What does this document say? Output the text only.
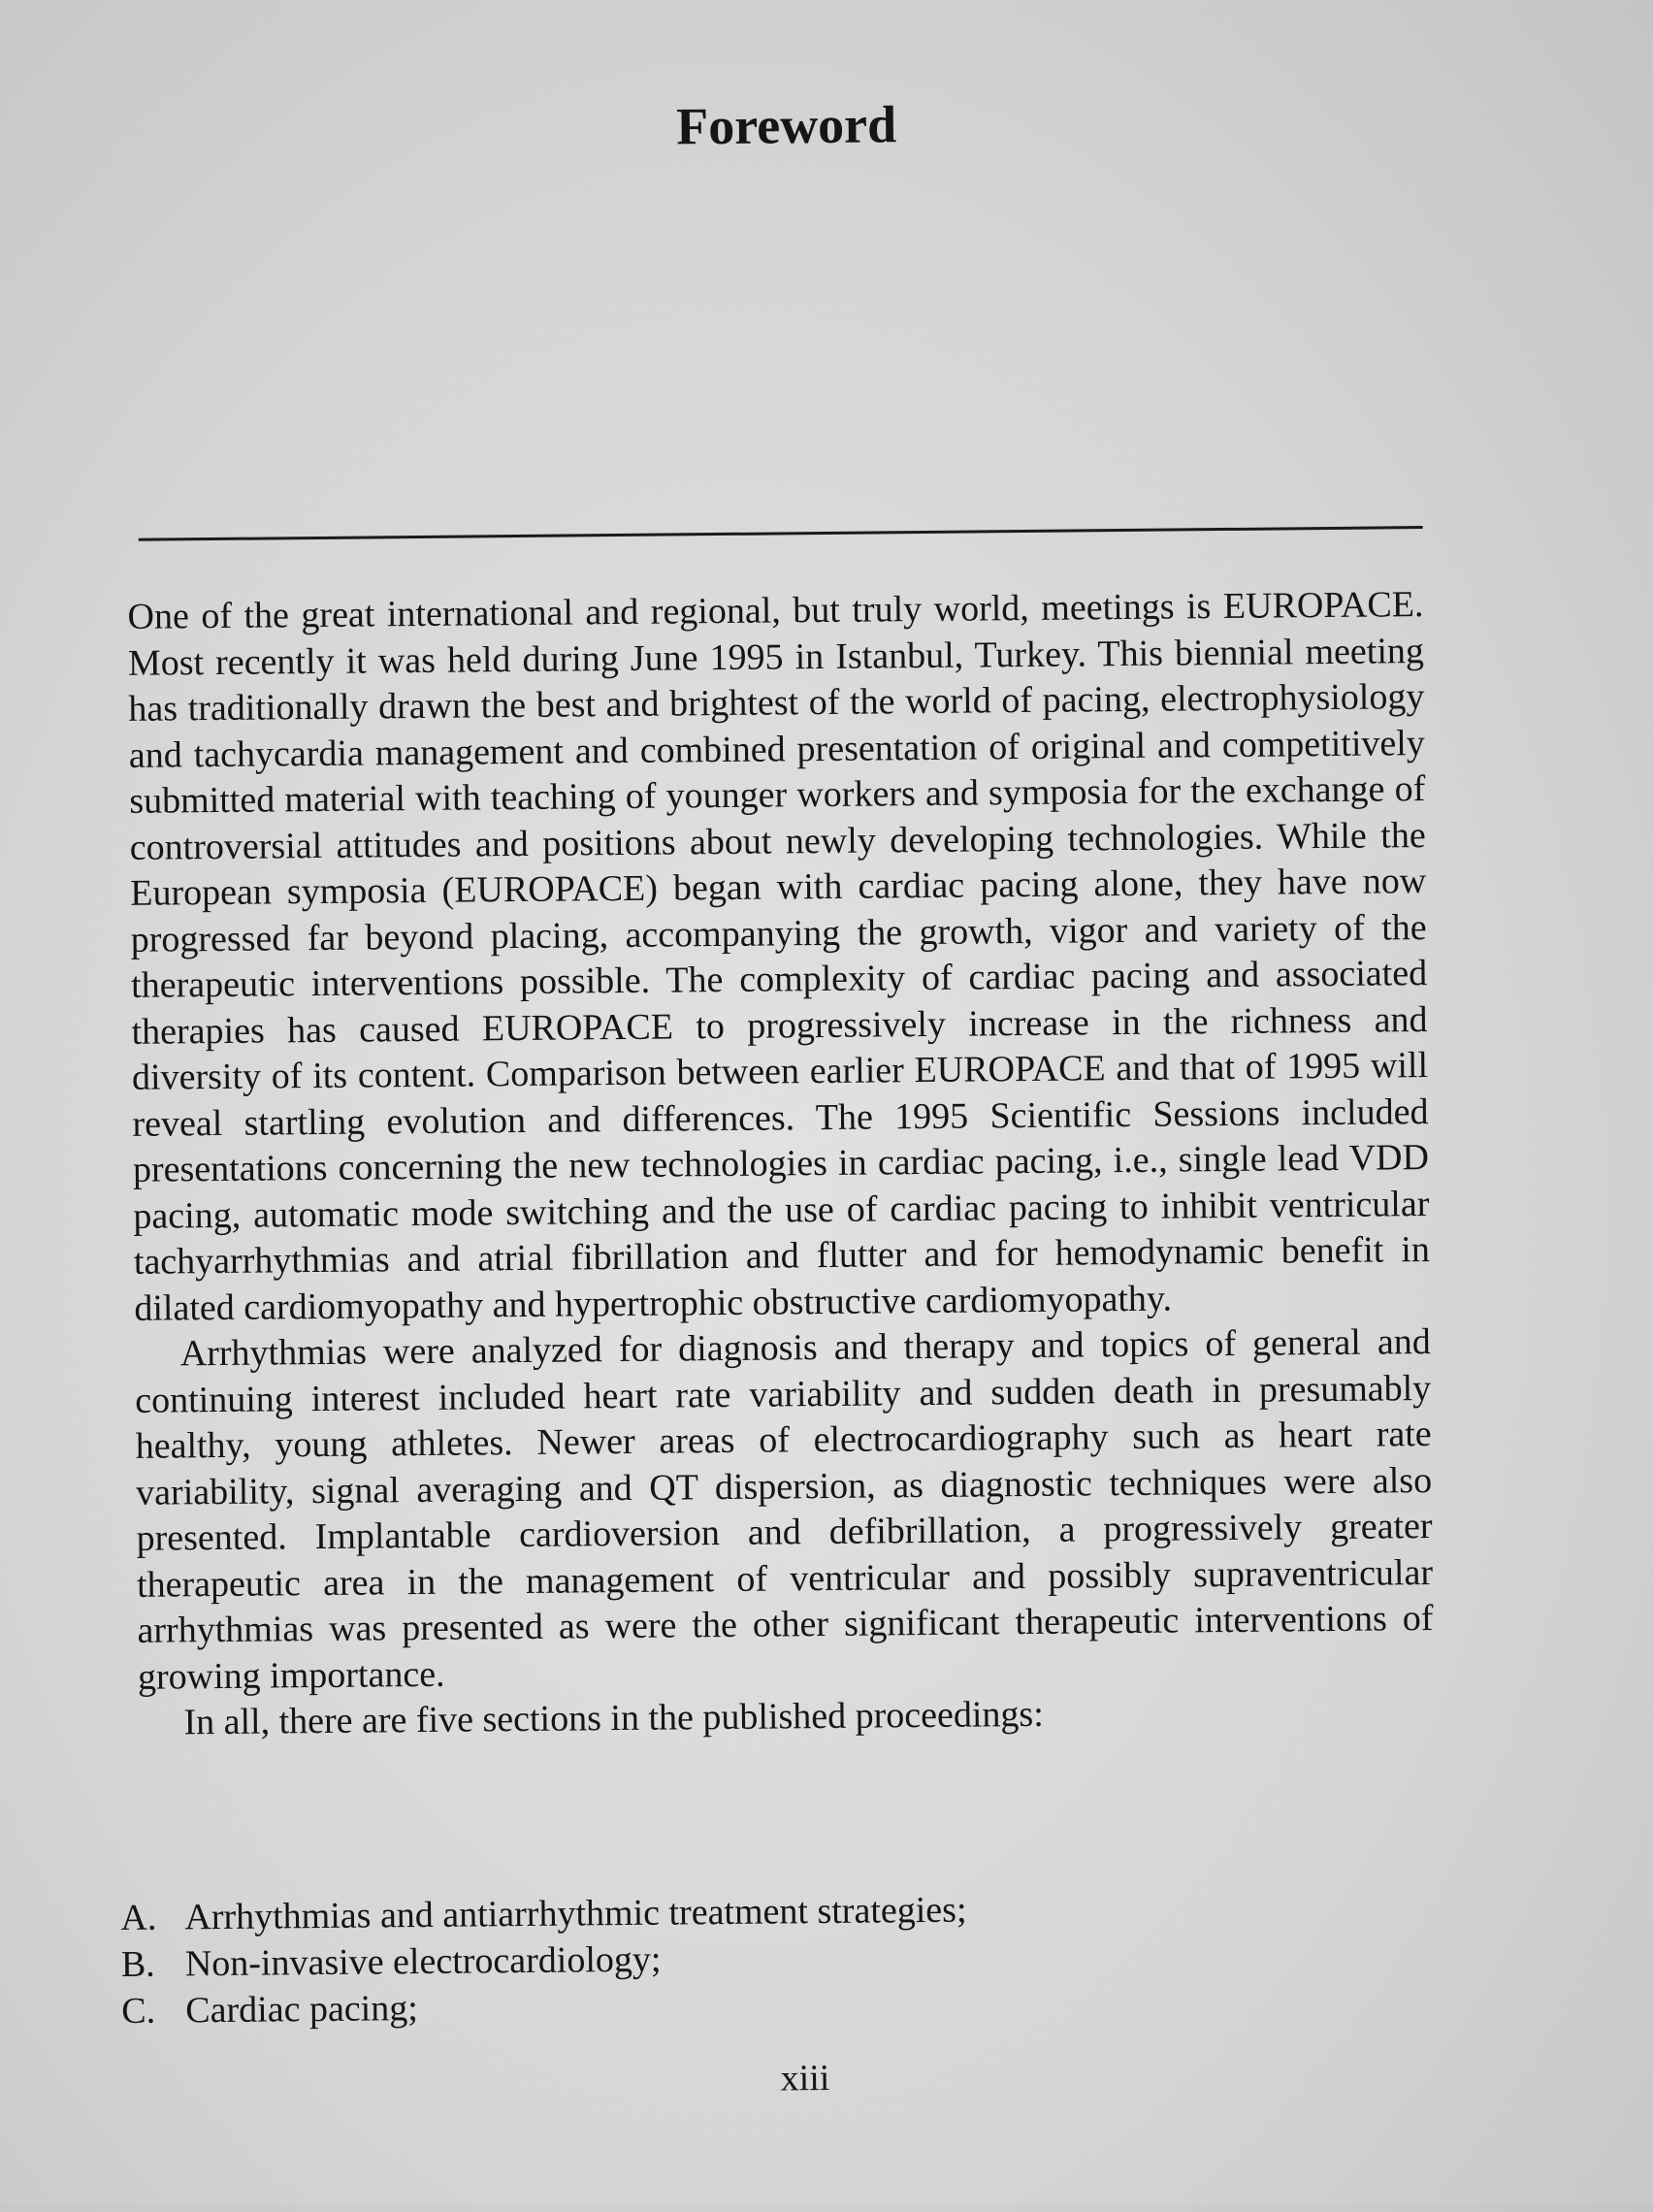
Foreword

One of the great international and regional, but truly world, meetings is EUROPACE. Most recently it was held during June 1995 in Istanbul, Turkey. This biennial meeting has traditionally drawn the best and brightest of the world of pacing, electrophysiology and tachycardia management and combined presentation of original and competitively submitted material with teaching of younger workers and symposia for the exchange of controversial attitudes and positions about newly developing technologies. While the European symposia (EUROPACE) began with cardiac pacing alone, they have now progressed far beyond placing, accompanying the growth, vigor and variety of the therapeutic interventions possible. The complexity of cardiac pacing and associated therapies has caused EUROPACE to progressively increase in the richness and diversity of its content. Comparison between earlier EUROPACE and that of 1995 will reveal startling evolution and differences. The 1995 Scientific Sessions included presentations concerning the new technologies in cardiac pacing, i.e., single lead VDD pacing, automatic mode switching and the use of cardiac pacing to inhibit ventricular tachyarrhythmias and atrial fibrillation and flutter and for hemodynamic benefit in dilated cardiomyopathy and hypertrophic obstructive cardiomyopathy.

Arrhythmias were analyzed for diagnosis and therapy and topics of general and continuing interest included heart rate variability and sudden death in presumably healthy, young athletes. Newer areas of electrocardiography such as heart rate variability, signal averaging and QT dispersion, as diagnostic techniques were also presented. Implantable cardioversion and defibrillation, a progressively greater therapeutic area in the management of ventricular and possibly supraventricular arrhythmias was presented as were the other significant therapeutic interventions of growing importance.

In all, there are five sections in the published proceedings:

A. Arrhythmias and antiarrhythmic treatment strategies;
B. Non-invasive electrocardiology;
C. Cardiac pacing;
xiii
